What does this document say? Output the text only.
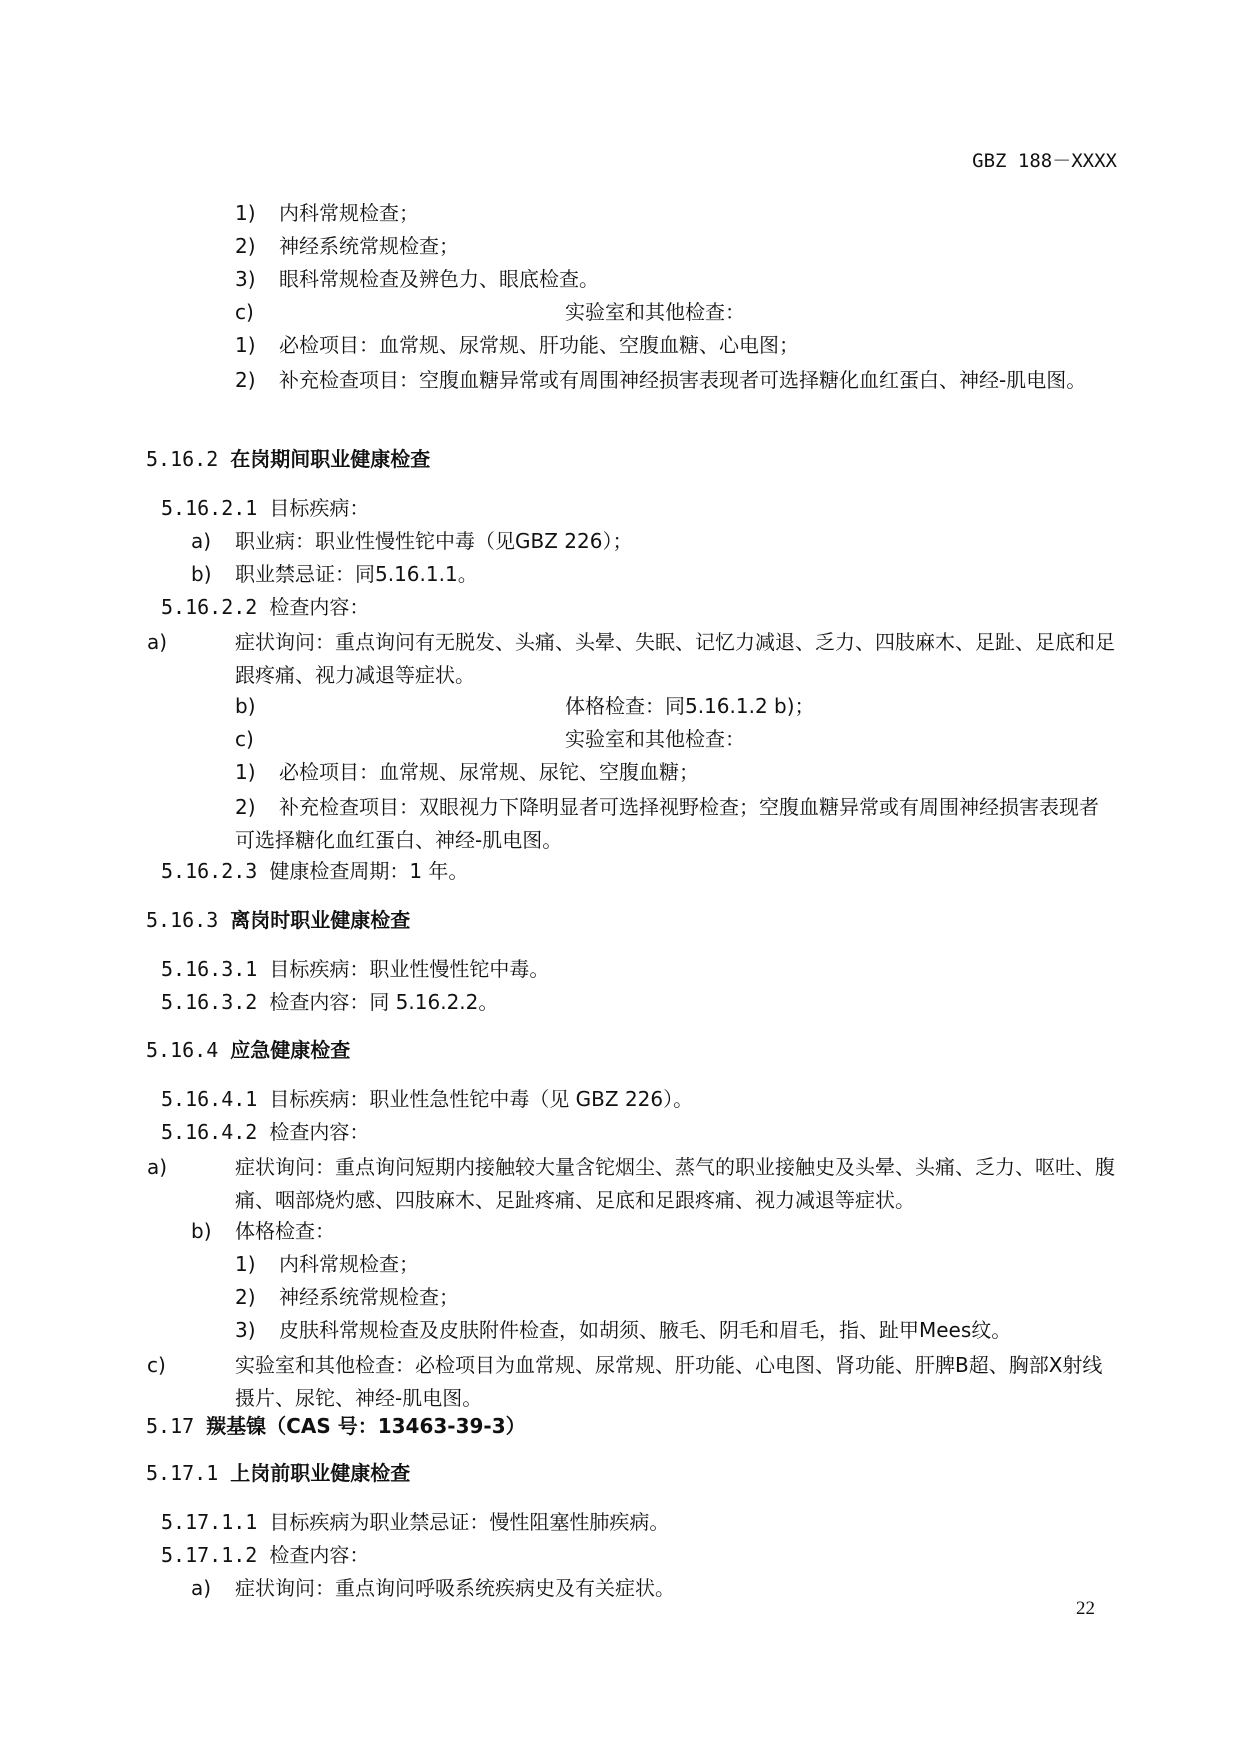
GBZ 188－XXXX
1) 内科常规检查；
2) 神经系统常规检查；
3) 眼科常规检查及辨色力、眼底检查。
c)	实验室和其他检查：
1) 必检项目：血常规、尿常规、肝功能、空腹血糖、心电图；
2) 补充检查项目：空腹血糖异常或有周围神经损害表现者可选择糖化血红蛋白、神经-肌电图。
5.16.2 在岗期间职业健康检查
5.16.2.1 目标疾病：
a) 职业病：职业性慢性铊中毒（见GBZ 226）；
b) 职业禁忌证：同5.16.1.1。
5.16.2.2 检查内容：
a)	症状询问：重点询问有无脱发、头痛、头晕、失眠、记忆力减退、乏力、四肢麻木、足趾、足底和足跟疼痛、视力减退等症状。
b)	体格检查：同5.16.1.2 b)；
c)	实验室和其他检查：
1) 必检项目：血常规、尿常规、尿铊、空腹血糖；
2) 补充检查项目：双眼视力下降明显者可选择视野检查；空腹血糖异常或有周围神经损害表现者可选择糖化血红蛋白、神经-肌电图。
5.16.2.3 健康检查周期：1 年。
5.16.3 离岗时职业健康检查
5.16.3.1 目标疾病：职业性慢性铊中毒。
5.16.3.2 检查内容：同 5.16.2.2。
5.16.4 应急健康检查
5.16.4.1 目标疾病：职业性急性铊中毒（见 GBZ 226）。
5.16.4.2 检查内容：
a)	症状询问：重点询问短期内接触较大量含铊烟尘、蒸气的职业接触史及头晕、头痛、乏力、呕吐、腹痛、咽部烧灼感、四肢麻木、足趾疼痛、足底和足跟疼痛、视力减退等症状。
b) 体格检查：
1) 内科常规检查；
2) 神经系统常规检查；
3) 皮肤科常规检查及皮肤附件检查，如胡须、腋毛、阴毛和眉毛，指、趾甲Mees纹。
c)	实验室和其他检查：必检项目为血常规、尿常规、肝功能、心电图、肾功能、肝脾B超、胸部X射线摄片、尿铊、神经-肌电图。
5.17 羰基镍（CAS 号：13463-39-3）
5.17.1 上岗前职业健康检查
5.17.1.1 目标疾病为职业禁忌证：慢性阻塞性肺疾病。
5.17.1.2 检查内容：
a) 症状询问：重点询问呼吸系统疾病史及有关症状。
22
